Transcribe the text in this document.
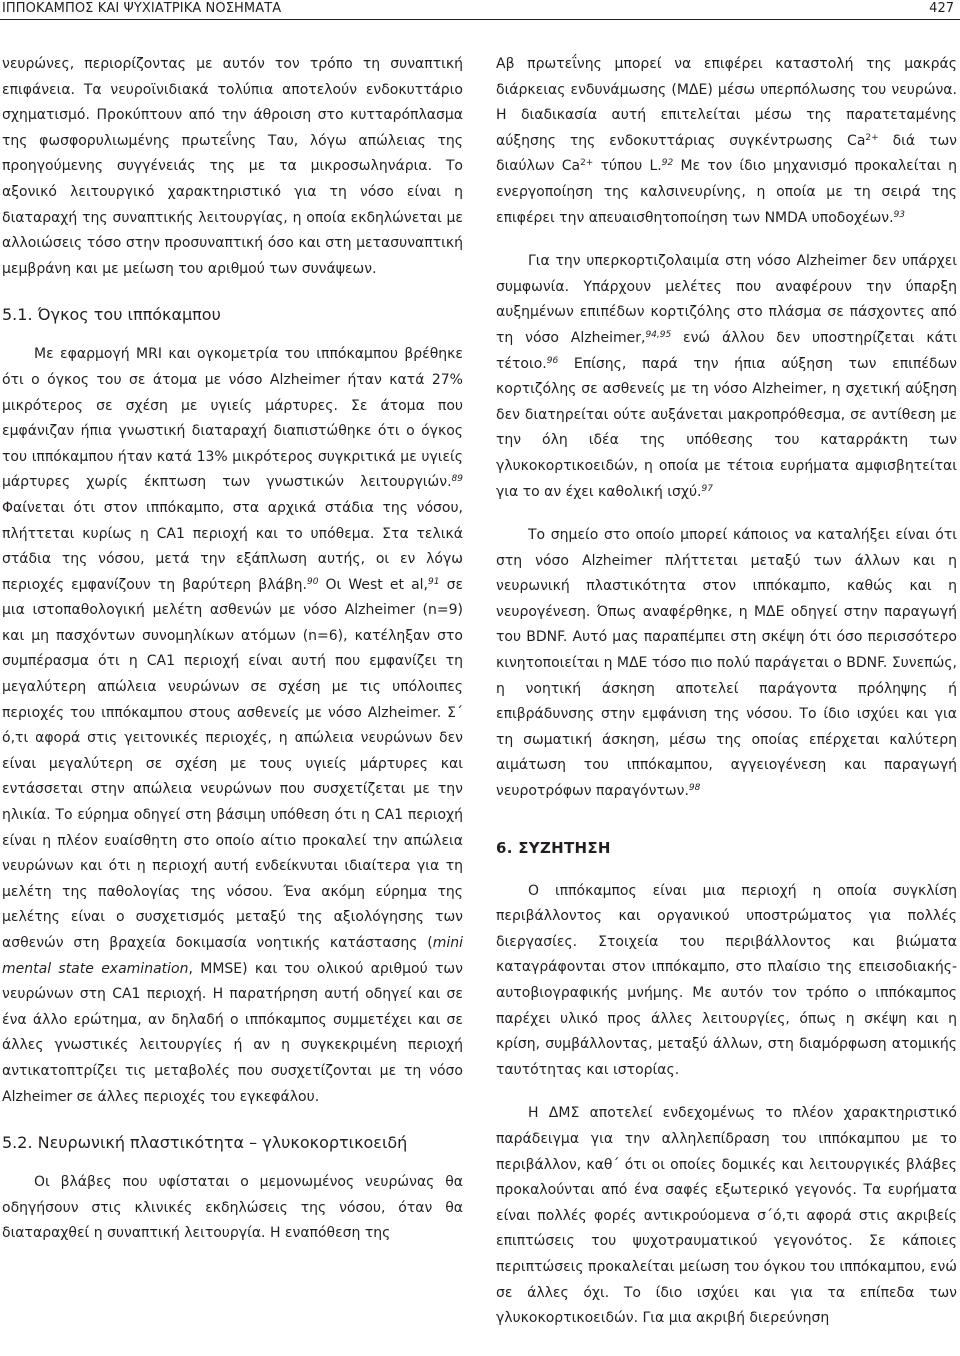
ΙΠΠΟΚΑΜΠΟΣ ΚΑΙ ΨΥΧΙΑΤΡΙΚΑ ΝΟΣΗΜΑΤΑ	427

νευρώνες, περιορίζοντας με αυτόν τον τρόπο τη συναπτική επιφάνεια. Τα νευροϊνιδιακά τολύπια αποτελούν ενδοκυττάριο σχηματισμό. Προκύπτουν από την άθροιση στο κυτταρόπλασμα της φωσφορυλιωμένης πρωτεΐνης Ταυ, λόγω απώλειας της προηγούμενης συγγένειάς της με τα μικροσωληνάρια. Το αξονικό λειτουργικό χαρακτηριστικό για τη νόσο είναι η διαταραχή της συναπτικής λειτουργίας, η οποία εκδηλώνεται με αλλοιώσεις τόσο στην προσυναπτική όσο και στη μετασυναπτική μεμβράνη και με μείωση του αριθμού των συνάψεων.

5.1. Όγκος του ιππόκαμπου

Με εφαρμογή MRI και ογκομετρία του ιππόκαμπου βρέθηκε ότι ο όγκος του σε άτομα με νόσο Alzheimer ήταν κατά 27% μικρότερος σε σχέση με υγιείς μάρτυρες. Σε άτομα που εμφάνιζαν ήπια γνωστική διαταραχή διαπιστώθηκε ότι ο όγκος του ιππόκαμπου ήταν κατά 13% μικρότερος συγκριτικά με υγιείς μάρτυρες χωρίς έκπτωση των γνωστικών λειτουργιών.$^{89}$ Φαίνεται ότι στον ιππόκαμπο, στα αρχικά στάδια της νόσου, πλήττεται κυρίως η CA1 περιοχή και το υπόθεμα. Στα τελικά στάδια της νόσου, μετά την εξάπλωση αυτής, οι εν λόγω περιοχές εμφανίζουν τη βαρύτερη βλάβη.$^{90}$ Οι West et al,$^{91}$ σε μια ιστοπαθολογική μελέτη ασθενών με νόσο Alzheimer (n=9) και μη πασχόντων συνομηλίκων ατόμων (n=6), κατέληξαν στο συμπέρασμα ότι η CA1 περιοχή είναι αυτή που εμφανίζει τη μεγαλύτερη απώλεια νευρώνων σε σχέση με τις υπόλοιπες περιοχές του ιππόκαμπου στους ασθενείς με νόσο Alzheimer. Σ΄ ό,τι αφορά στις γειτονικές περιοχές, η απώλεια νευρώνων δεν είναι μεγαλύτερη σε σχέση με τους υγιείς μάρτυρες και εντάσσεται στην απώλεια νευρώνων που συσχετίζεται με την ηλικία. Το εύρημα οδηγεί στη βάσιμη υπόθεση ότι η CA1 περιοχή είναι η πλέον ευαίσθητη στο οποίο αίτιο προκαλεί την απώλεια νευρώνων και ότι η περιοχή αυτή ενδείκνυται ιδιαίτερα για τη μελέτη της παθολογίας της νόσου. Ένα ακόμη εύρημα της μελέτης είναι ο συσχετισμός μεταξύ της αξιολόγησης των ασθενών στη βραχεία δοκιμασία νοητικής κατάστασης (mini mental state examination, MMSE) και του ολικού αριθμού των νευρώνων στη CA1 περιοχή. Η παρατήρηση αυτή οδηγεί και σε ένα άλλο ερώτημα, αν δηλαδή ο ιππόκαμπος συμμετέχει και σε άλλες γνωστικές λειτουργίες ή αν η συγκεκριμένη περιοχή αντικατοπτρίζει τις μεταβολές που συσχετίζονται με τη νόσο Alzheimer σε άλλες περιοχές του εγκεφάλου.

5.2. Νευρωνική πλαστικότητα – γλυκοκορτικοειδή

Οι βλάβες που υφίσταται ο μεμονωμένος νευρώνας θα οδηγήσουν στις κλινικές εκδηλώσεις της νόσου, όταν θα διαταραχθεί η συναπτική λειτουργία. Η εναπόθεση της

Aβ πρωτεΐνης μπορεί να επιφέρει καταστολή της μακράς διάρκειας ενδυνάμωσης (ΜΔΕ) μέσω υπερπόλωσης του νευρώνα. Η διαδικασία αυτή επιτελείται μέσω της παρατεταμένης αύξησης της ενδοκυττάριας συγκέντρωσης $Ca^{2+}$ διά των διαύλων $Ca^{2+}$ τύπου L.$^{92}$ Με τον ίδιο μηχανισμό προκαλείται η ενεργοποίηση της καλσινευρίνης, η οποία με τη σειρά της επιφέρει την απευαισθητοποίηση των NMDA υποδοχέων.$^{93}$

Για την υπερκορτιζολαιμία στη νόσο Alzheimer δεν υπάρχει συμφωνία. Υπάρχουν μελέτες που αναφέρουν την ύπαρξη αυξημένων επιπέδων κορτιζόλης στο πλάσμα σε πάσχοντες από τη νόσο Alzheimer,$^{94,95}$ ενώ άλλου δεν υποστηρίζεται κάτι τέτοιο.$^{96}$ Επίσης, παρά την ήπια αύξηση των επιπέδων κορτιζόλης σε ασθενείς με τη νόσο Alzheimer, η σχετική αύξηση δεν διατηρείται ούτε αυξάνεται μακροπρόθεσμα, σε αντίθεση με την όλη ιδέα της υπόθεσης του καταρράκτη των γλυκοκορτικοειδών, η οποία με τέτοια ευρήματα αμφισβητείται για το αν έχει καθολική ισχύ.$^{97}$

Το σημείο στο οποίο μπορεί κάποιος να καταλήξει είναι ότι στη νόσο Alzheimer πλήττεται μεταξύ των άλλων και η νευρωνική πλαστικότητα στον ιππόκαμπο, καθώς και η νευρογένεση. Όπως αναφέρθηκε, η ΜΔΕ οδηγεί στην παραγωγή του BDNF. Αυτό μας παραπέμπει στη σκέψη ότι όσο περισσότερο κινητοποιείται η ΜΔΕ τόσο πιο πολύ παράγεται ο BDNF. Συνεπώς, η νοητική άσκηση αποτελεί παράγοντα πρόληψης ή επιβράδυνσης στην εμφάνιση της νόσου. Το ίδιο ισχύει και για τη σωματική άσκηση, μέσω της οποίας επέρχεται καλύτερη αιμάτωση του ιππόκαμπου, αγγειογένεση και παραγωγή νευροτρόφων παραγόντων.$^{98}$

6. ΣΥΖΗΤΗΣΗ

Ο ιππόκαμπος είναι μια περιοχή η οποία συγκλίση περιβάλλοντος και οργανικού υποστρώματος για πολλές διεργασίες. Στοιχεία του περιβάλλοντος και βιώματα καταγράφονται στον ιππόκαμπο, στο πλαίσιο της επεισοδιακής-αυτοβιογραφικής μνήμης. Με αυτόν τον τρόπο ο ιππόκαμπος παρέχει υλικό προς άλλες λειτουργίες, όπως η σκέψη και η κρίση, συμβάλλοντας, μεταξύ άλλων, στη διαμόρφωση ατομικής ταυτότητας και ιστορίας.

Η ΔΜΣ αποτελεί ενδεχομένως το πλέον χαρακτηριστικό παράδειγμα για την αλληλεπίδραση του ιππόκαμπου με το περιβάλλον, καθ΄ ότι οι οποίες δομικές και λειτουργικές βλάβες προκαλούνται από ένα σαφές εξωτερικό γεγονός. Τα ευρήματα είναι πολλές φορές αντικρούομενα σ΄ό,τι αφορά στις ακριβείς επιπτώσεις του ψυχοτραυματικού γεγονότος. Σε κάποιες περιπτώσεις προκαλείται μείωση του όγκου του ιππόκαμπου, ενώ σε άλλες όχι. Το ίδιο ισχύει και για τα επίπεδα των γλυκοκορτικοειδών. Για μια ακριβή διερεύνηση
